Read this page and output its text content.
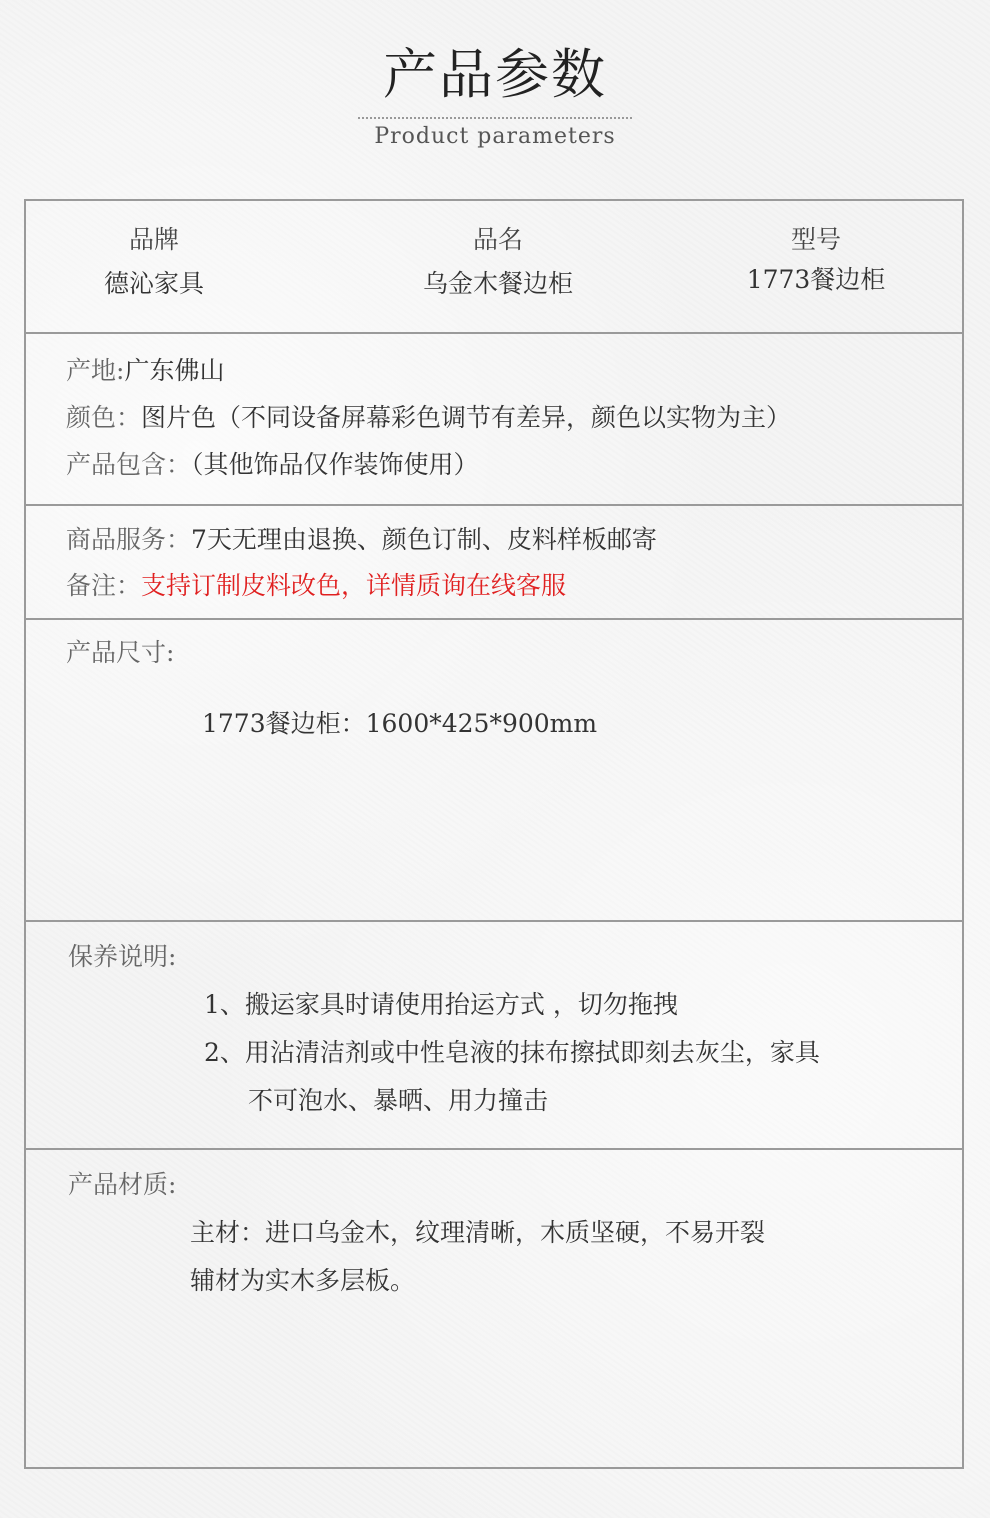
产品参数
Product parameters
品牌
德沁家具
品名
乌金木餐边柜
型号
1773餐边柜
产地:广东佛山
颜色：图片色（不同设备屏幕彩色调节有差异，颜色以实物为主）
产品包含：（其他饰品仅作装饰使用）
商品服务：7天无理由退换、颜色订制、皮料样板邮寄
备注：支持订制皮料改色，详情质询在线客服
产品尺寸:
1773餐边柜：1600*425*900mm
保养说明:
1、搬运家具时请使用抬运方式 ，切勿拖拽
2、用沾清洁剂或中性皂液的抹布擦拭即刻去灰尘，家具
不可泡水、暴晒、用力撞击
产品材质:
主材：进口乌金木，纹理清晰，木质坚硬，不易开裂
辅材为实木多层板。
